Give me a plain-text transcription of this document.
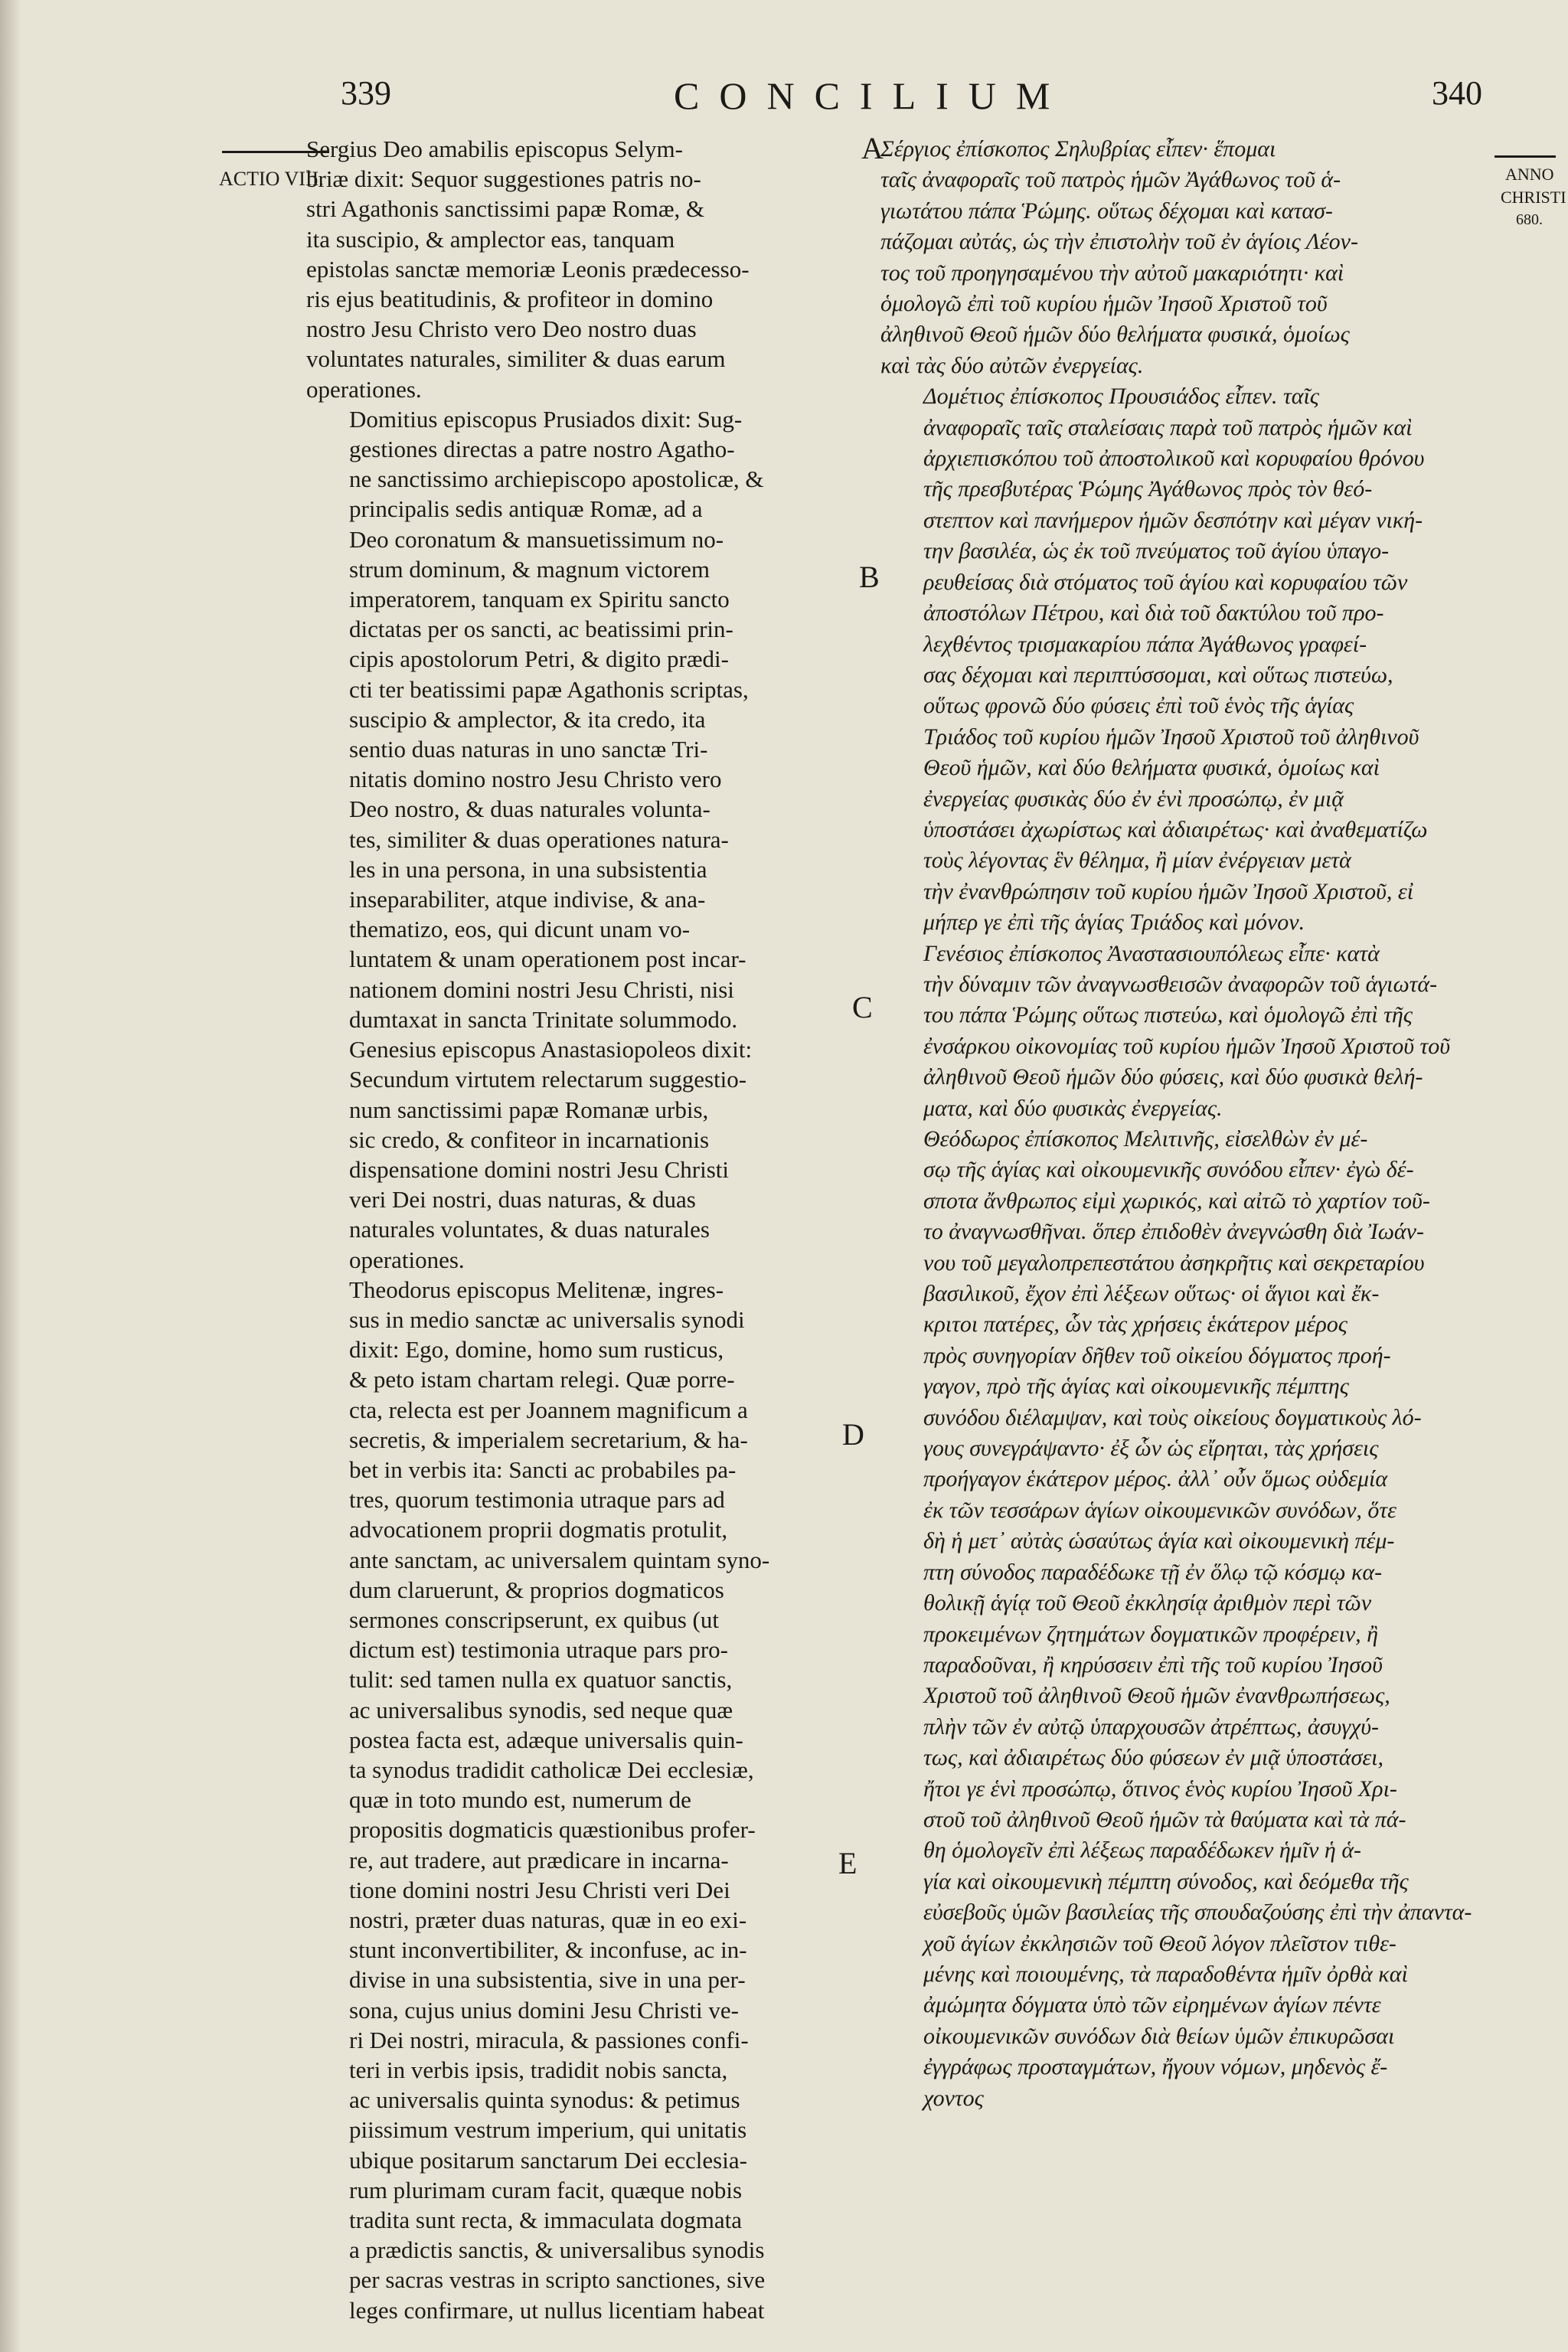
339	CONCILIUM	340
ACTIO VIII.	ANNO
CHRISTI
680.
A
B
C
D
E

Sergius Deo amabilis episcopus Selym-
briæ dixit: Sequor suggestiones patris no-
stri Agathonis sanctissimi papæ Romæ, &
ita suscipio, & amplector eas, tanquam
epistolas sanctæ memoriæ Leonis prædecesso-
ris ejus beatitudinis, & profiteor in domino
nostro Jesu Christo vero Deo nostro duas
voluntates naturales, similiter & duas earum
operationes.

Domitius episcopus Prusiados dixit: Sug-
gestiones directas a patre nostro Agatho-
ne sanctissimo archiepiscopo apostolicæ, &
principalis sedis antiquæ Romæ, ad a
Deo coronatum & mansuetissimum no-
strum dominum, & magnum victorem
imperatorem, tanquam ex Spiritu sancto
dictatas per os sancti, ac beatissimi prin-
cipis apostolorum Petri, & digito prædi-
cti ter beatissimi papæ Agathonis scriptas,
suscipio & amplector, & ita credo, ita
sentio duas naturas in uno sanctæ Tri-
nitatis domino nostro Jesu Christo vero
Deo nostro, & duas naturales volunta-
tes, similiter & duas operationes natura-
les in una persona, in una subsistentia
inseparabiliter, atque indivise, & ana-
thematizo, eos, qui dicunt unam vo-
luntatem & unam operationem post incar-
nationem domini nostri Jesu Christi, nisi
dumtaxat in sancta Trinitate solummodo.

Genesius episcopus Anastasiopoleos dixit:
Secundum virtutem relectarum suggestio-
num sanctissimi papæ Romanæ urbis,
sic credo, & confiteor in incarnationis
dispensatione domini nostri Jesu Christi
veri Dei nostri, duas naturas, & duas
naturales voluntates, & duas naturales
operationes.

Theodorus episcopus Melitenæ, ingres-
sus in medio sanctæ ac universalis synodi
dixit: Ego, domine, homo sum rusticus,
& peto istam chartam relegi. Quæ porre-
cta, relecta est per Joannem magnificum a
secretis, & imperialem secretarium, & ha-
bet in verbis ita: Sancti ac probabiles pa-
tres, quorum testimonia utraque pars ad
advocationem proprii dogmatis protulit,
ante sanctam, ac universalem quintam syno-
dum claruerunt, & proprios dogmaticos
sermones conscripserunt, ex quibus (ut
dictum est) testimonia utraque pars pro-
tulit: sed tamen nulla ex quatuor sanctis,
ac universalibus synodis, sed neque quæ
postea facta est, adæque universalis quin-
ta synodus tradidit catholicæ Dei ecclesiæ,
quæ in toto mundo est, numerum de
propositis dogmaticis quæstionibus profer-
re, aut tradere, aut prædicare in incarna-
tione domini nostri Jesu Christi veri Dei
nostri, præter duas naturas, quæ in eo exi-
stunt inconvertibiliter, & inconfuse, ac in-
divise in una subsistentia, sive in una per-
sona, cujus unius domini Jesu Christi ve-
ri Dei nostri, miracula, & passiones confi-
teri in verbis ipsis, tradidit nobis sancta,
ac universalis quinta synodus: & petimus
piissimum vestrum imperium, qui unitatis
ubique positarum sanctarum Dei ecclesia-
rum plurimam curam facit, quæque nobis
tradita sunt recta, & immaculata dogmata
a prædictis sanctis, & universalibus synodis
per sacras vestras in scripto sanctiones, sive
leges confirmare, ut nullus licentiam habeat

Σέργιος ἐπίσκοπος Σηλυβρίας εἶπεν· ἕπομαι
ταῖς ἀναφοραῖς τοῦ πατρὸς ἡμῶν Ἀγάθωνος τοῦ ἁ-
γιωτάτου πάπα Ῥώμης. οὕτως δέχομαι καὶ κατασ-
πάζομαι αὐτάς, ὡς τὴν ἐπιστολὴν τοῦ ἐν ἁγίοις Λέον-
τος τοῦ προηγησαμένου τὴν αὐτοῦ μακαριότητι· καὶ
ὁμολογῶ ἐπὶ τοῦ κυρίου ἡμῶν Ἰησοῦ Χριστοῦ τοῦ
ἀληθινοῦ Θεοῦ ἡμῶν δύο θελήματα φυσικά, ὁμοίως
καὶ τὰς δύο αὐτῶν ἐνεργείας.

Δομέτιος ἐπίσκοπος Προυσιάδος εἶπεν. ταῖς
ἀναφοραῖς ταῖς σταλείσαις παρὰ τοῦ πατρὸς ἡμῶν καὶ
ἀρχιεπισκόπου τοῦ ἀποστολικοῦ καὶ κορυφαίου θρόνου
τῆς πρεσβυτέρας Ῥώμης Ἀγάθωνος πρὸς τὸν θεό-
στεπτον καὶ πανήμερον ἡμῶν δεσπότην καὶ μέγαν νική-
την βασιλέα, ὡς ἐκ τοῦ πνεύματος τοῦ ἁγίου ὑπαγο-
ρευθείσας διὰ στόματος τοῦ ἁγίου καὶ κορυφαίου τῶν
ἀποστόλων Πέτρου, καὶ διὰ τοῦ δακτύλου τοῦ προ-
λεχθέντος τρισμακαρίου πάπα Ἀγάθωνος γραφεί-
σας δέχομαι καὶ περιπτύσσομαι, καὶ οὕτως πιστεύω,
οὕτως φρονῶ δύο φύσεις ἐπὶ τοῦ ἑνὸς τῆς ἁγίας
Τριάδος τοῦ κυρίου ἡμῶν Ἰησοῦ Χριστοῦ τοῦ ἀληθινοῦ
Θεοῦ ἡμῶν, καὶ δύο θελήματα φυσικά, ὁμοίως καὶ
ἐνεργείας φυσικὰς δύο ἐν ἑνὶ προσώπῳ, ἐν μιᾷ
ὑποστάσει ἀχωρίστως καὶ ἀδιαιρέτως· καὶ ἀναθεματίζω
τοὺς λέγοντας ἓν θέλημα, ἢ μίαν ἐνέργειαν μετὰ
τὴν ἐνανθρώπησιν τοῦ κυρίου ἡμῶν Ἰησοῦ Χριστοῦ, εἰ
μήπερ γε ἐπὶ τῆς ἁγίας Τριάδος καὶ μόνον.

Γενέσιος ἐπίσκοπος Ἀναστασιουπόλεως εἶπε· κατὰ
τὴν δύναμιν τῶν ἀναγνωσθεισῶν ἀναφορῶν τοῦ ἁγιωτά-
του πάπα Ῥώμης οὕτως πιστεύω, καὶ ὁμολογῶ ἐπὶ τῆς
ἐνσάρκου οἰκονομίας τοῦ κυρίου ἡμῶν Ἰησοῦ Χριστοῦ τοῦ
ἀληθινοῦ Θεοῦ ἡμῶν δύο φύσεις, καὶ δύο φυσικὰ θελή-
ματα, καὶ δύο φυσικὰς ἐνεργείας.

Θεόδωρος ἐπίσκοπος Μελιτινῆς, εἰσελθὼν ἐν μέ-
σῳ τῆς ἁγίας καὶ οἰκουμενικῆς συνόδου εἶπεν· ἐγὼ δέ-
σποτα ἄνθρωπος εἰμὶ χωρικός, καὶ αἰτῶ τὸ χαρτίον τοῦ-
το ἀναγνωσθῆναι. ὅπερ ἐπιδοθὲν ἀνεγνώσθη διὰ Ἰωάν-
νου τοῦ μεγαλοπρεπεστάτου ἀσηκρῆτις καὶ σεκρεταρίου
βασιλικοῦ, ἔχον ἐπὶ λέξεων οὕτως· οἱ ἅγιοι καὶ ἔκ-
κριτοι πατέρες, ὧν τὰς χρήσεις ἑκάτερον μέρος
πρὸς συνηγορίαν δῆθεν τοῦ οἰκείου δόγματος προή-
γαγον, πρὸ τῆς ἁγίας καὶ οἰκουμενικῆς πέμπτης
συνόδου διέλαμψαν, καὶ τοὺς οἰκείους δογματικοὺς λό-
γους συνεγράψαντο· ἐξ ὧν ὡς εἴρηται, τὰς χρήσεις
προήγαγον ἑκάτερον μέρος. ἀλλ᾽ οὖν ὅμως οὐδεμία
ἐκ τῶν τεσσάρων ἁγίων οἰκουμενικῶν συνόδων, ὅτε
δὴ ἡ μετ᾽ αὐτὰς ὡσαύτως ἁγία καὶ οἰκουμενικὴ πέμ-
πτη σύνοδος παραδέδωκε τῇ ἐν ὅλῳ τῷ κόσμῳ κα-
θολικῇ ἁγίᾳ τοῦ Θεοῦ ἐκκλησίᾳ ἀριθμὸν περὶ τῶν
προκειμένων ζητημάτων δογματικῶν προφέρειν, ἢ
παραδοῦναι, ἢ κηρύσσειν ἐπὶ τῆς τοῦ κυρίου Ἰησοῦ
Χριστοῦ τοῦ ἀληθινοῦ Θεοῦ ἡμῶν ἐνανθρωπήσεως,
πλὴν τῶν ἐν αὐτῷ ὑπαρχουσῶν ἀτρέπτως, ἀσυγχύ-
τως, καὶ ἀδιαιρέτως δύο φύσεων ἐν μιᾷ ὑποστάσει,
ἤτοι γε ἑνὶ προσώπῳ, ὅτινος ἑνὸς κυρίου Ἰησοῦ Χρι-
στοῦ τοῦ ἀληθινοῦ Θεοῦ ἡμῶν τὰ θαύματα καὶ τὰ πά-
θη ὁμολογεῖν ἐπὶ λέξεως παραδέδωκεν ἡμῖν ἡ ἁ-
γία καὶ οἰκουμενικὴ πέμπτη σύνοδος, καὶ δεόμεθα τῆς
εὐσεβοῦς ὑμῶν βασιλείας τῆς σπουδαζούσης ἐπὶ τὴν ἀπαντα-
χοῦ ἁγίων ἐκκλησιῶν τοῦ Θεοῦ λόγον πλεῖστον τιθε-
μένης καὶ ποιουμένης, τὰ παραδοθέντα ἡμῖν ὀρθὰ καὶ
ἀμώμητα δόγματα ὑπὸ τῶν εἰρημένων ἁγίων πέντε
οἰκουμενικῶν συνόδων διὰ θείων ὑμῶν ἐπικυρῶσαι
ἐγγράφως προσταγμάτων, ἤγουν νόμων, μηδενὸς ἔ-
χοντος
